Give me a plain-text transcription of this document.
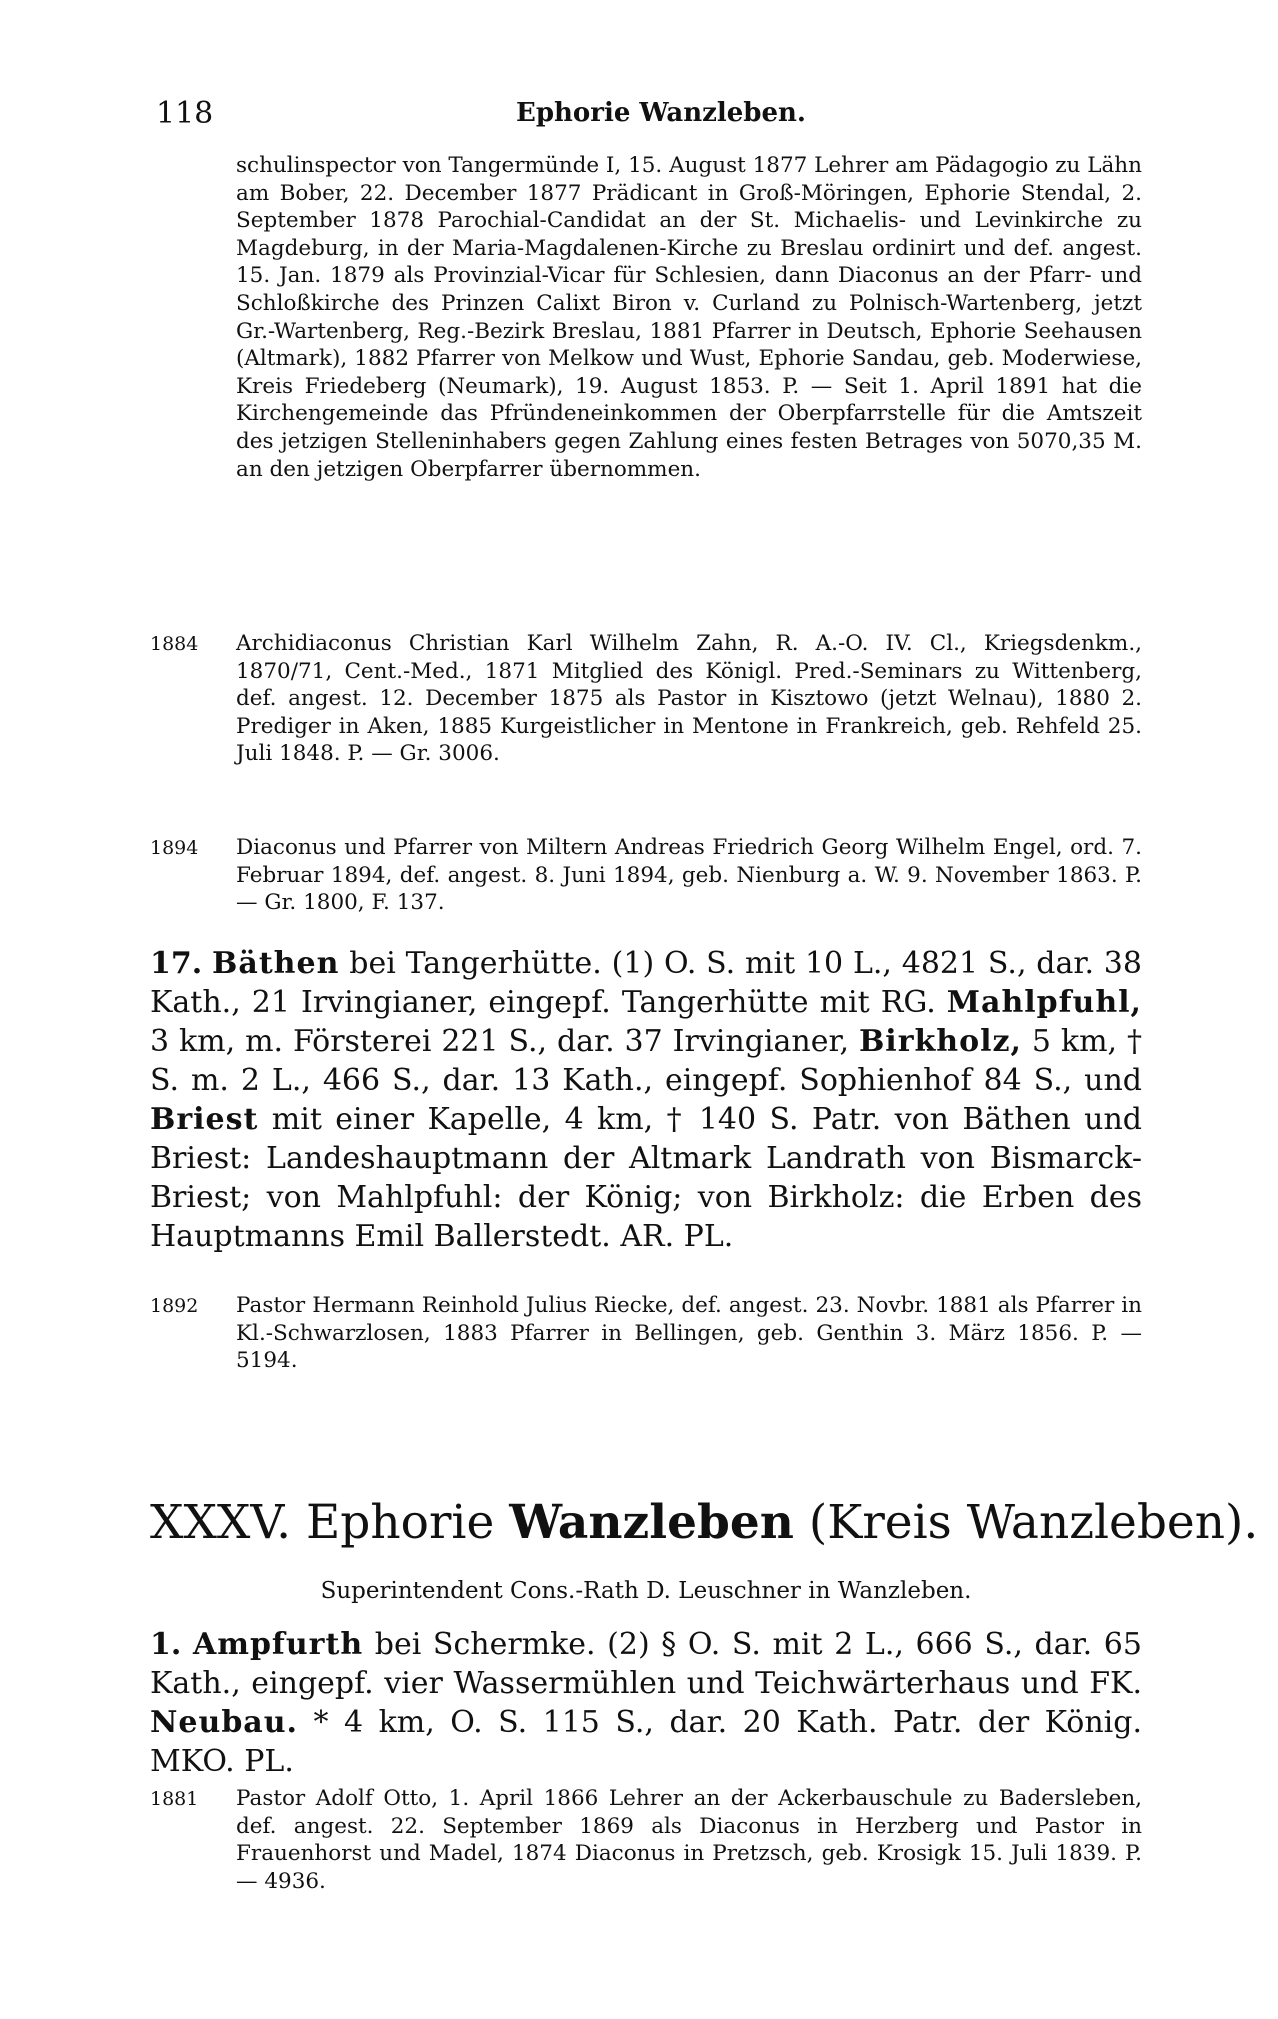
118	Ephorie Wanzleben.
schulinspector von Tangermünde I, 15. August 1877 Lehrer am Pädagogio zu Lähn am Bober, 22. December 1877 Prädicant in Groß-Möringen, Ephorie Stendal, 2. September 1878 Parochial-Candidat an der St. Michaelis- und Levinkirche zu Magdeburg, in der Maria-Magdalenen-Kirche zu Breslau ordinirt und def. angest. 15. Jan. 1879 als Provinzial-Vicar für Schlesien, dann Diaconus an der Pfarr- und Schloßkirche des Prinzen Calixt Biron v. Curland zu Polnisch-Wartenberg, jetzt Gr.-Wartenberg, Reg.-Bezirk Breslau, 1881 Pfarrer in Deutsch, Ephorie Seehausen (Altmark), 1882 Pfarrer von Melkow und Wust, Ephorie Sandau, geb. Moderwiese, Kreis Friedeberg (Neumark), 19. August 1853. P. — Seit 1. April 1891 hat die Kirchengemeinde das Pfründeneinkommen der Oberpfarrstelle für die Amtszeit des jetzigen Stelleninhabers gegen Zahlung eines festen Betrages von 5070,35 M. an den jetzigen Oberpfarrer übernommen.
1884 Archidiaconus Christian Karl Wilhelm Zahn, R. A.-O. IV. Cl., Kriegsdenkm., 1870/71, Cent.-Med., 1871 Mitglied des Königl. Pred.-Seminars zu Wittenberg, def. angest. 12. December 1875 als Pastor in Kisztowo (jetzt Welnau), 1880 2. Prediger in Aken, 1885 Kurgeistlicher in Mentone in Frankreich, geb. Rehfeld 25. Juli 1848. P. — Gr. 3006.
1894 Diaconus und Pfarrer von Miltern Andreas Friedrich Georg Wilhelm Engel, ord. 7. Februar 1894, def. angest. 8. Juni 1894, geb. Nienburg a. W. 9. November 1863. P. — Gr. 1800, F. 137.
17. Bäthen bei Tangerhütte. (1) O. S. mit 10 L., 4821 S., dar. 38 Kath., 21 Irvingianer, eingepf. Tangerhütte mit RG. Mahlpfuhl, 3 km, m. Försterei 221 S., dar. 37 Irvingianer, Birkholz, 5 km, † S. m. 2 L., 466 S., dar. 13 Kath., eingepf. Sophienhof 84 S., und Briest mit einer Kapelle, 4 km, † 140 S. Patr. von Bäthen und Briest: Landeshauptmann der Altmark Landrath von Bismarck-Briest; von Mahlpfuhl: der König; von Birkholz: die Erben des Hauptmanns Emil Ballerstedt. AR. PL.
1892 Pastor Hermann Reinhold Julius Riecke, def. angest. 23. Novbr. 1881 als Pfarrer in Kl.-Schwarzlosen, 1883 Pfarrer in Bellingen, geb. Genthin 3. März 1856. P. — 5194.
XXXV. Ephorie Wanzleben (Kreis Wanzleben).
Superintendent Cons.-Rath D. Leuschner in Wanzleben.
1. Ampfurth bei Schermke. (2) § O. S. mit 2 L., 666 S., dar. 65 Kath., eingepf. vier Wassermühlen und Teichwärterhaus und FK. Neubau. * 4 km, O. S. 115 S., dar. 20 Kath. Patr. der König. MKO. PL.
1881 Pastor Adolf Otto, 1. April 1866 Lehrer an der Ackerbauschule zu Badersleben, def. angest. 22. September 1869 als Diaconus in Herzberg und Pastor in Frauenhorst und Madel, 1874 Diaconus in Pretzsch, geb. Krosigk 15. Juli 1839. P. — 4936.
